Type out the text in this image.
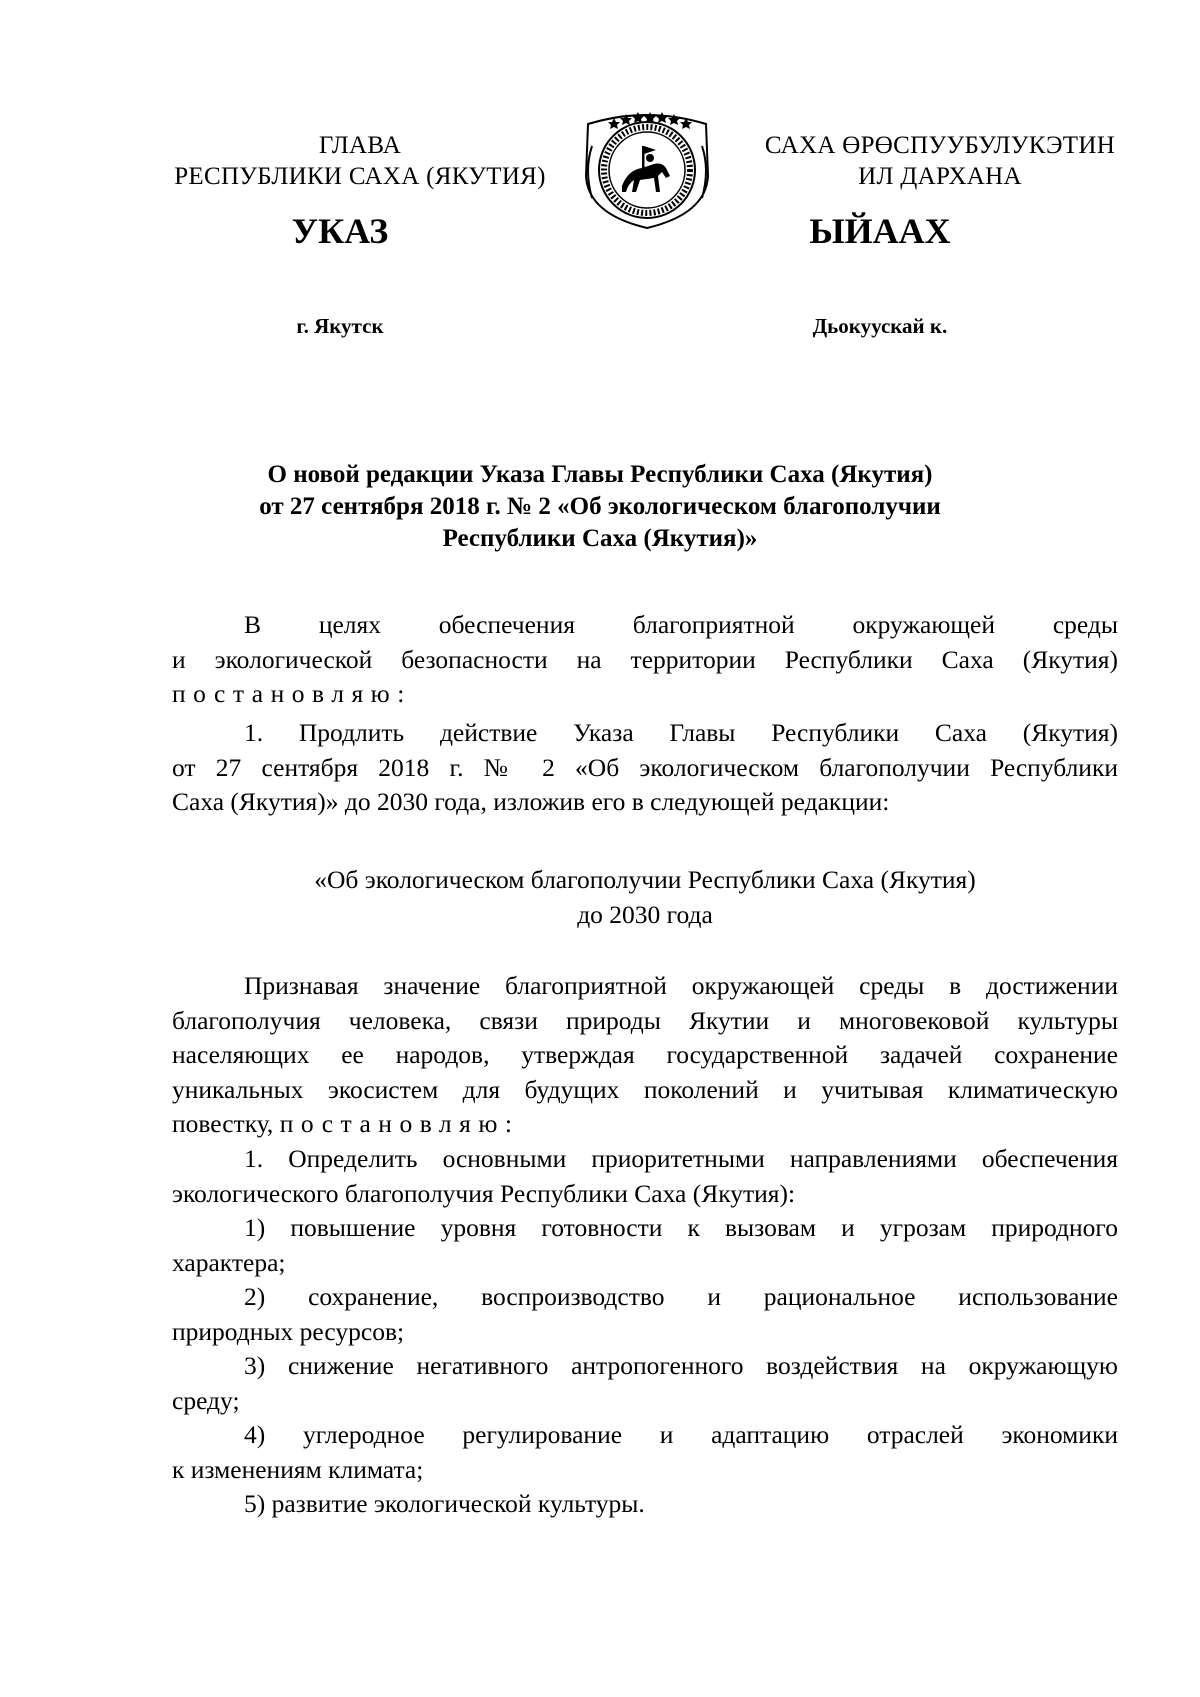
ГЛАВА
РЕСПУБЛИКИ САХА (ЯКУТИЯ)
САХА ӨРӨСПУУБУЛУКЭТИН
ИЛ ДАРХАНА
УКАЗ	ЫЙААХ
г. Якутск	Дьокуускай к.
О новой редакции Указа Главы Республики Саха (Якутия)
от 27 сентября 2018 г. № 2 «Об экологическом благополучии
Республики Саха (Якутия)»
В целях обеспечения благоприятной окружающей среды
и экологической безопасности на территории Республики Саха (Якутия)
постановляю:
1. Продлить действие Указа Главы Республики Саха (Якутия)
от 27 сентября 2018 г. № 2 «Об экологическом благополучии Республики
Саха (Якутия)» до 2030 года, изложив его в следующей редакции:
«Об экологическом благополучии Республики Саха (Якутия)
до 2030 года
Признавая значение благоприятной окружающей среды в достижении
благополучия человека, связи природы Якутии и многовековой культуры
населяющих ее народов, утверждая государственной задачей сохранение
уникальных экосистем для будущих поколений и учитывая климатическую
повестку, постановляю:
1. Определить основными приоритетными направлениями обеспечения
экологического благополучия Республики Саха (Якутия):
1) повышение уровня готовности к вызовам и угрозам природного
характера;
2) сохранение, воспроизводство и рациональное использование
природных ресурсов;
3) снижение негативного антропогенного воздействия на окружающую
среду;
4) углеродное регулирование и адаптацию отраслей экономики
к изменениям климата;
5) развитие экологической культуры.
